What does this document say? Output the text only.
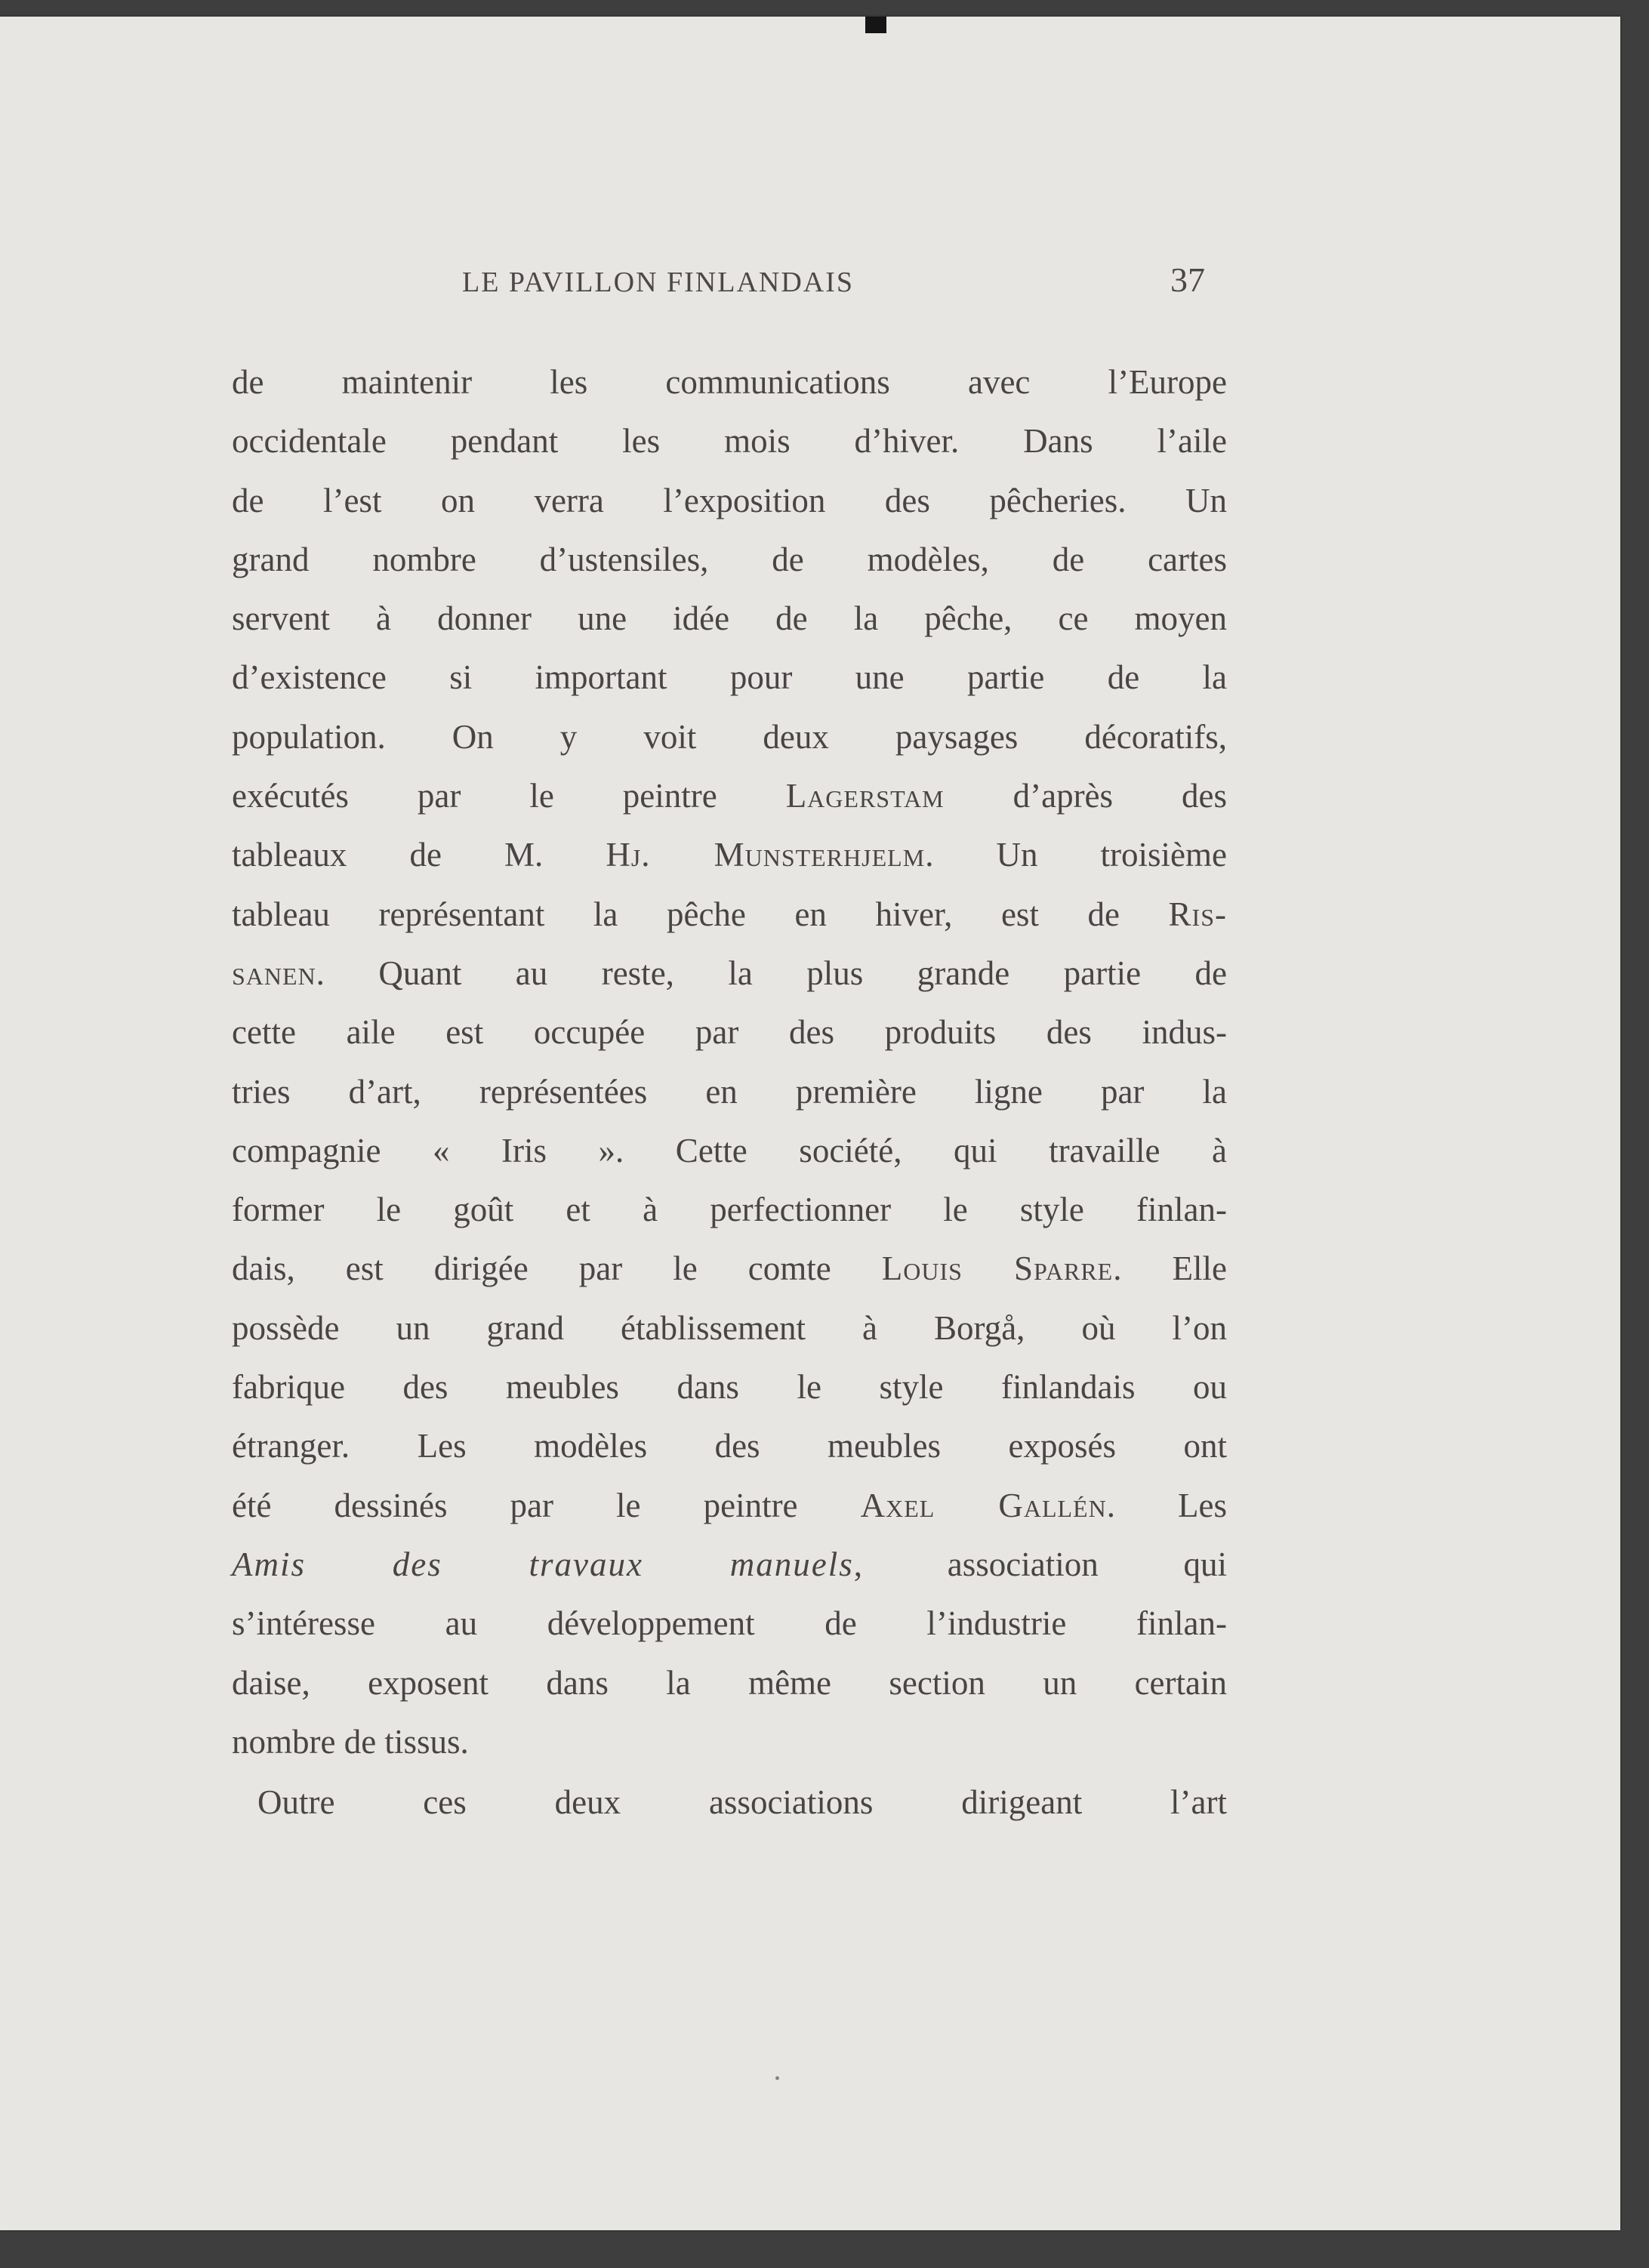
LE PAVILLON FINLANDAIS	37
de maintenir les communications avec l’Europe
occidentale pendant les mois d’hiver. Dans l’aile
de l’est on verra l’exposition des pêcheries. Un
grand nombre d’ustensiles, de modèles, de cartes
servent à donner une idée de la pêche, ce moyen
d’existence si important pour une partie de la
population. On y voit deux paysages décoratifs,
exécutés par le peintre Lagerstam d’après des
tableaux de M. Hj. Munsterhjelm. Un troisième
tableau représentant la pêche en hiver, est de Ris-
sanen. Quant au reste, la plus grande partie de
cette aile est occupée par des produits des indus-
tries d’art, représentées en première ligne par la
compagnie « Iris ». Cette société, qui travaille à
former le goût et à perfectionner le style finlan-
dais, est dirigée par le comte Louis Sparre. Elle
possède un grand établissement à Borgå, où l’on
fabrique des meubles dans le style finlandais ou
étranger. Les modèles des meubles exposés ont
été dessinés par le peintre Axel Gallén. Les
Amis des travaux manuels, association qui
s’intéresse au développement de l’industrie finlan-
daise, exposent dans la même section un certain
nombre de tissus.
Outre ces deux associations dirigeant l’art
